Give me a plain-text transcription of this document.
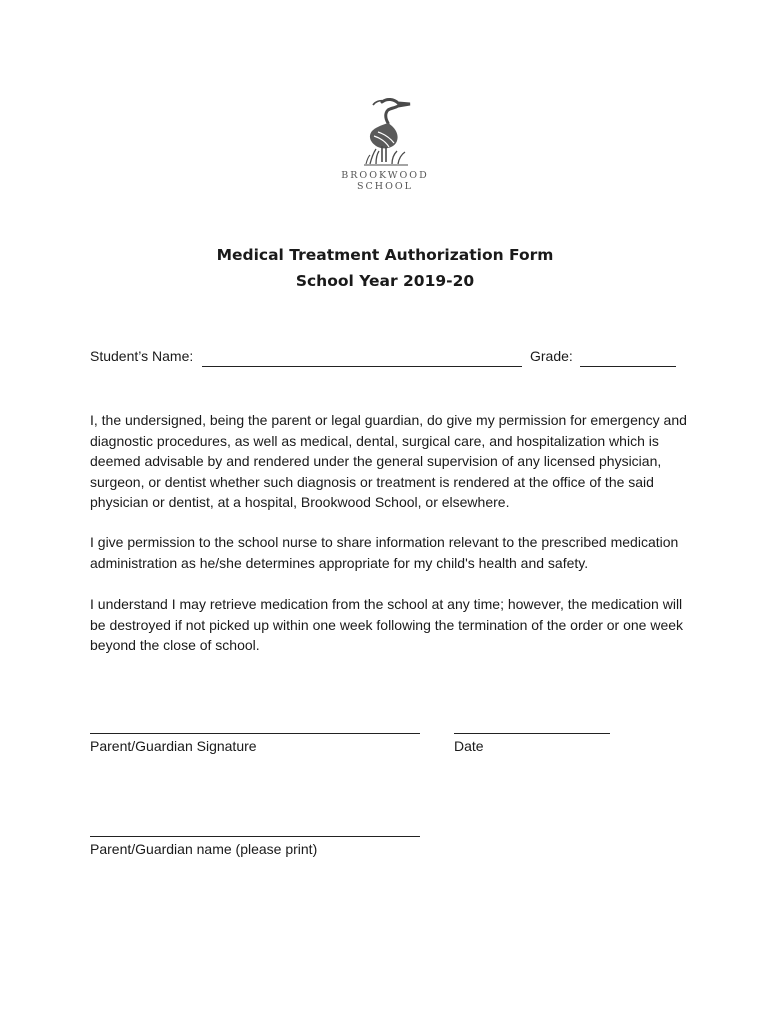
BROOKWOOD
SCHOOL
Medical Treatment Authorization Form
School Year 2019-20
Student’s Name:	Grade:
I, the undersigned, being the parent or legal guardian, do give my permission for emergency and diagnostic procedures, as well as medical, dental, surgical care, and hospitalization which is deemed advisable by and rendered under the general supervision of any licensed physician, surgeon, or dentist whether such diagnosis or treatment is rendered at the office of the said physician or dentist, at a hospital, Brookwood School, or elsewhere.
I give permission to the school nurse to share information relevant to the prescribed medication administration as he/she determines appropriate for my child's health and safety.
I understand I may retrieve medication from the school at any time; however, the medication will be destroyed if not picked up within one week following the termination of the order or one week beyond the close of school.
Parent/Guardian Signature	Date
Parent/Guardian name (please print)
